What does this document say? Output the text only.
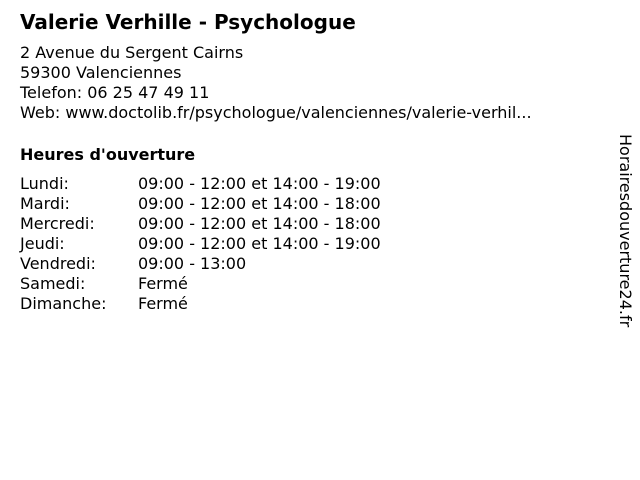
Valerie Verhille - Psychologue
2 Avenue du Sergent Cairns
59300 Valenciennes
Telefon: 06 25 47 49 11
Web: www.doctolib.fr/psychologue/valenciennes/valerie-verhil...
Heures d'ouverture
Lundi:	09:00 - 12:00 et 14:00 - 19:00
Mardi:	09:00 - 12:00 et 14:00 - 18:00
Mercredi:	09:00 - 12:00 et 14:00 - 18:00
Jeudi:	09:00 - 12:00 et 14:00 - 19:00
Vendredi:	09:00 - 13:00
Samedi:	Fermé
Dimanche:	Fermé	Horairesdouverture24.fr
